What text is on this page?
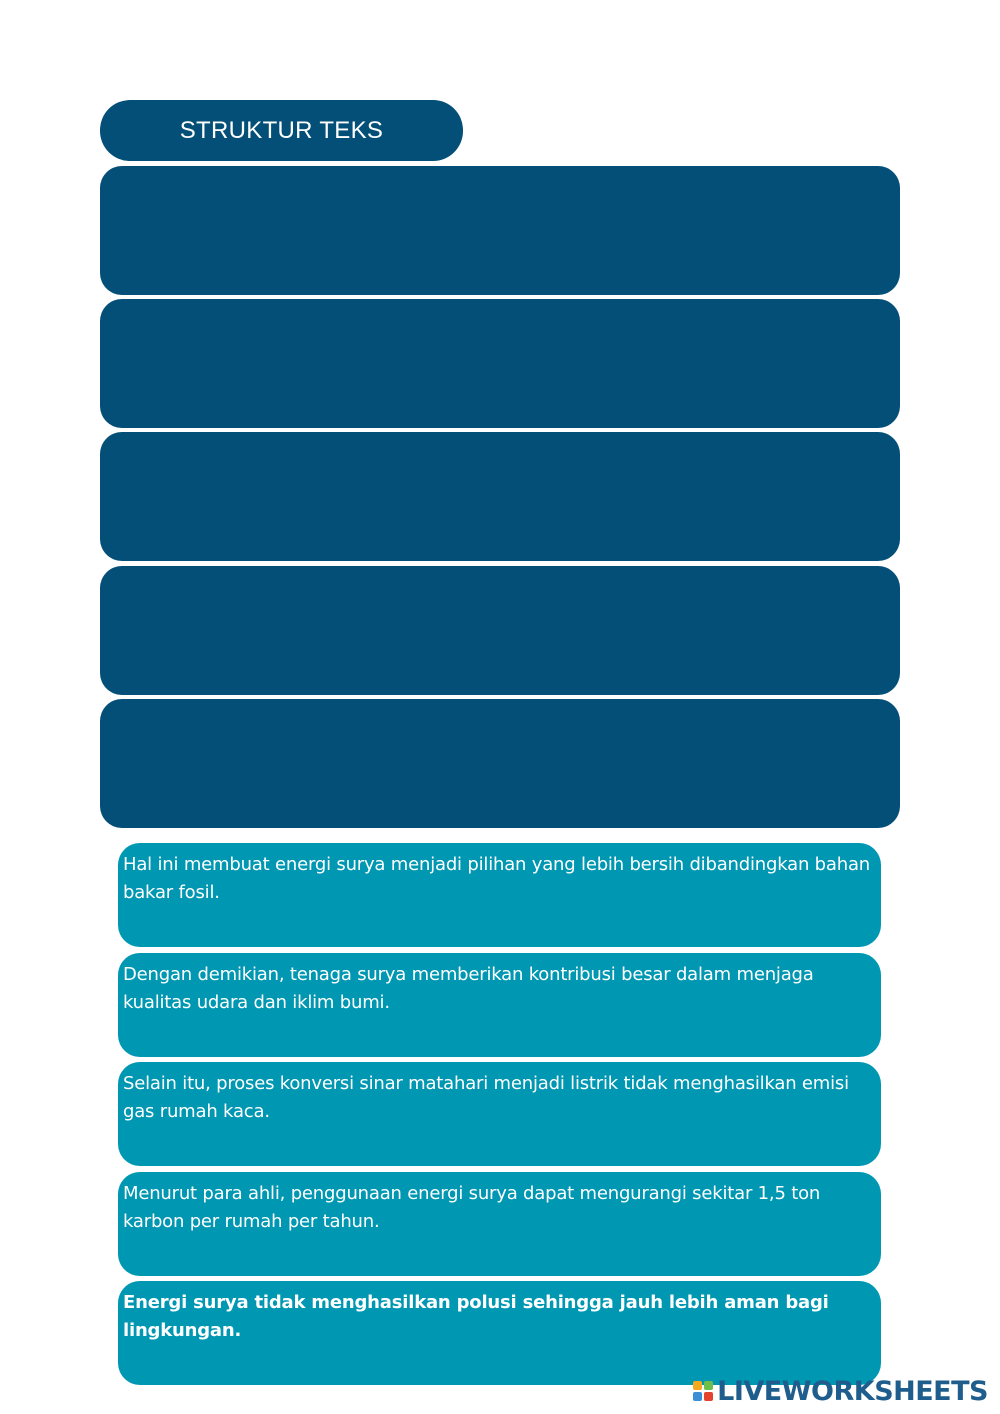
STRUKTUR TEKS
Hal ini membuat energi surya menjadi pilihan yang lebih bersih dibandingkan bahan bakar fosil.
Dengan demikian, tenaga surya memberikan kontribusi besar dalam menjaga kualitas udara dan iklim bumi.
Selain itu, proses konversi sinar matahari menjadi listrik tidak menghasilkan emisi gas rumah kaca.
Menurut para ahli, penggunaan energi surya dapat mengurangi sekitar 1,5 ton karbon per rumah per tahun.
Energi surya tidak menghasilkan polusi sehingga jauh lebih aman bagi lingkungan.
LIVEWORKSHEETS
